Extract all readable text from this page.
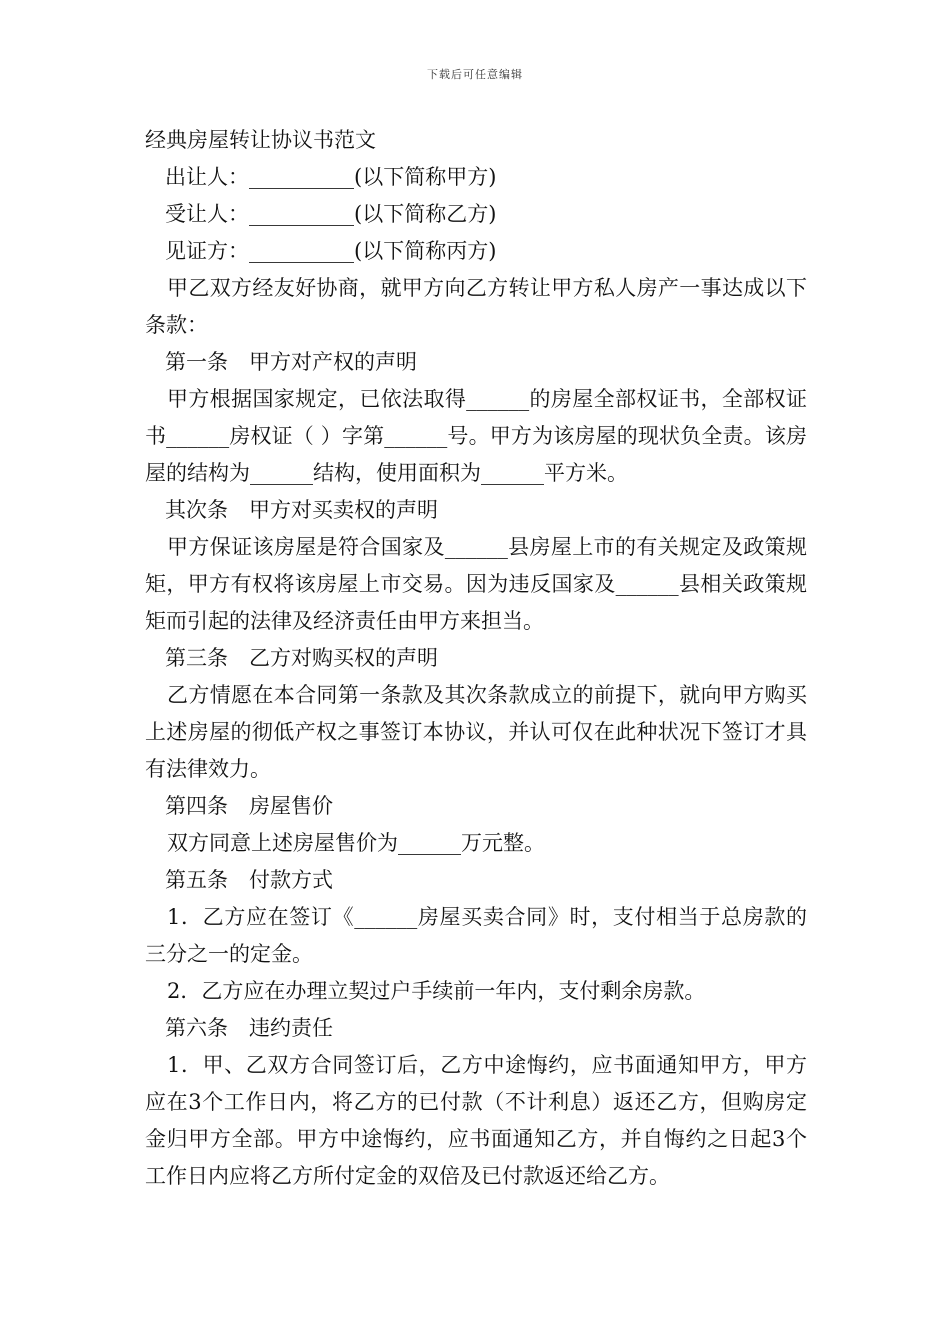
下载后可任意编辑

经典房屋转让协议书范文

出让人：__________(以下简称甲方)

受让人：__________(以下简称乙方)

见证方：__________(以下简称丙方)

甲乙双方经友好协商，就甲方向乙方转让甲方私人房产一事达成以下条款：

第一条　甲方对产权的声明

甲方根据国家规定，已依法取得______的房屋全部权证书，全部权证书______房权证（ ）字第______号。甲方为该房屋的现状负全责。该房屋的结构为______结构，使用面积为______平方米。

其次条　甲方对买卖权的声明

甲方保证该房屋是符合国家及______县房屋上市的有关规定及政策规矩，甲方有权将该房屋上市交易。因为违反国家及______县相关政策规矩而引起的法律及经济责任由甲方来担当。

第三条　乙方对购买权的声明

乙方情愿在本合同第一条款及其次条款成立的前提下，就向甲方购买上述房屋的彻低产权之事签订本协议，并认可仅在此种状况下签订才具有法律效力。

第四条　房屋售价

双方同意上述房屋售价为______万元整。

第五条　付款方式

1．乙方应在签订《______房屋买卖合同》时，支付相当于总房款的三分之一的定金。

2．乙方应在办理立契过户手续前一年内，支付剩余房款。

第六条　违约责任

1．甲、乙双方合同签订后，乙方中途悔约，应书面通知甲方，甲方应在3个工作日内，将乙方的已付款（不计利息）返还乙方，但购房定金归甲方全部。甲方中途悔约，应书面通知乙方，并自悔约之日起3个工作日内应将乙方所付定金的双倍及已付款返还给乙方。
